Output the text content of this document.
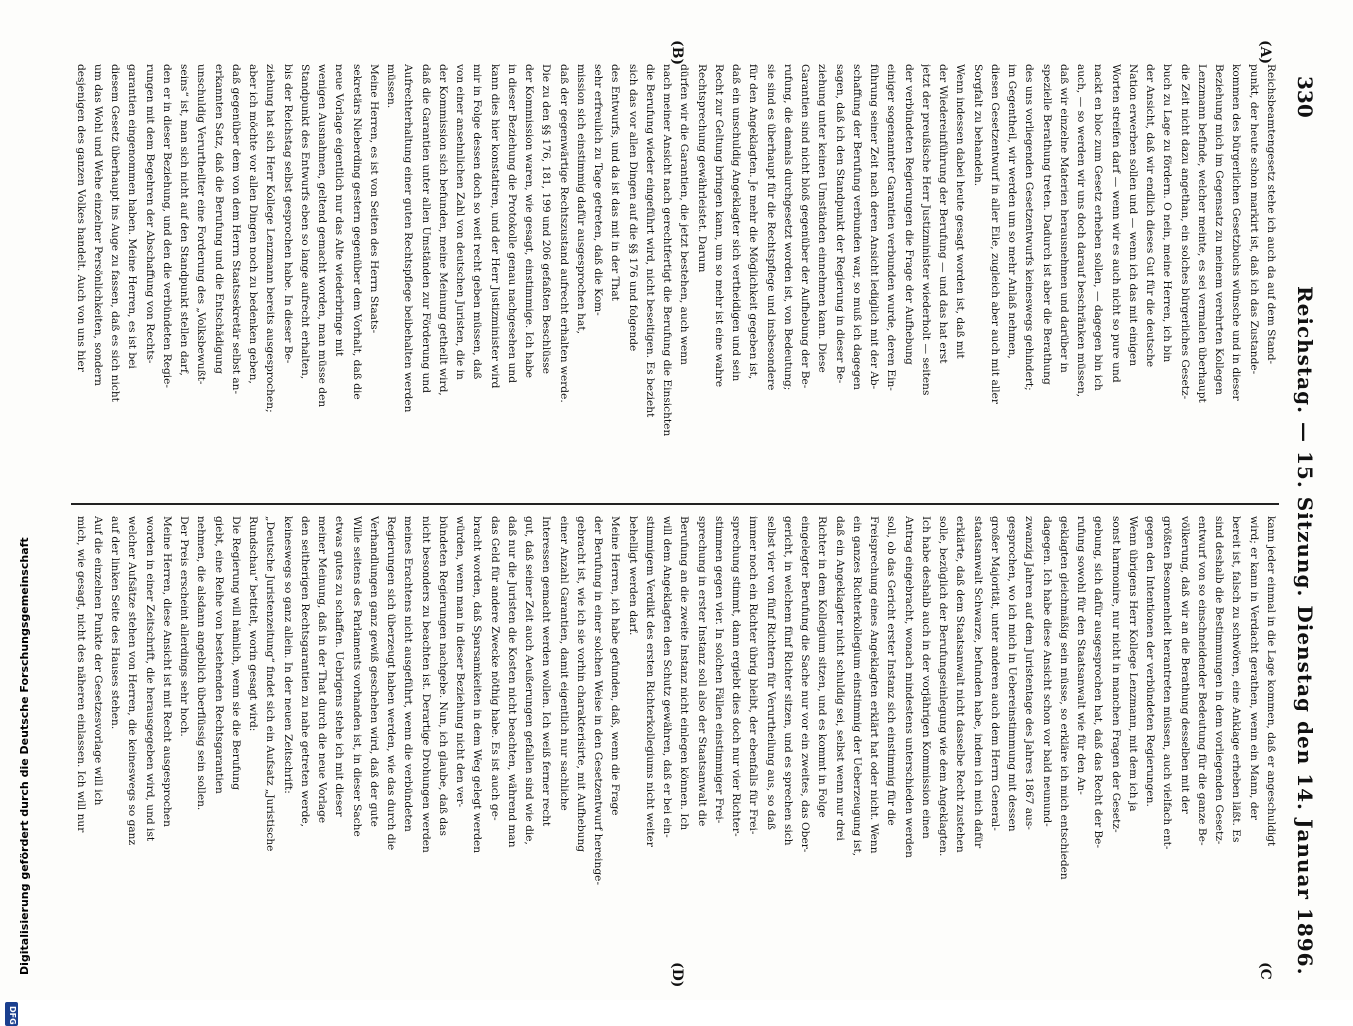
330
Reichstag. — 15. Sitzung. Dienstag den 14. Januar 1896.
(A)
(B)
(C
(D)
Reichsbeamtengesetz stehe ich auch da auf dem Stand-
punkt, der heute schon markirt ist, daß ich das Zustande-
kommen des bürgerlichen Gesetzbuchs wünsche und in dieser
Beziehung mich im Gegensatz zu meinem verehrten Kollegen
Lenzmann befinde, welcher meinte, es sei vermalen überhaupt
die Zeit nicht dazu angethan, ein solches bürgerliches Gesetz-
buch zu Lage zu fördern. O nein, meine Herren, ich bin
der Ansicht, daß wir endlich dieses Gut für die deutsche
Nation erwerben sollen und — wenn ich das mit einigen
Worten streifen darf — wenn wir es auch nicht so pure und
nackt en bloc zum Gesetz erheben sollen, — dagegen bin ich
auch, — so werden wir uns doch darauf beschränken müssen,
daß wir einzelne Materien herausnehmen und darüber in
spezielle Berathung treten. Dadurch ist aber die Berathung
des uns vorliegenden Gesetzentwurfs keineswegs gehindert;
im Gegentheil, wir werden um so mehr Anlaß nehmen,
diesen Gesetzentwurf in aller Eile, zugleich aber auch mit aller
Sorgfalt zu behandeln.
Wenn indessen dabei heute gesagt worden ist, daß mit
der Wiedereinführung der Berufung — und das hat erst
jetzt der preußische Herr Justizminister wiederholt — seitens
der verbündeten Regierungen die Frage der Aufhebung
einiger sogenannter Garantien verbunden wurde, deren Ein-
führung seiner Zeit nach deren Ansicht lediglich mit der Ab-
schaffung der Berufung verbunden war, so muß ich dagegen
sagen, daß ich den Standpunkt der Regierung in dieser Be-
ziehung unter keinen Umständen einnehmen kann. Diese
Garantien sind nicht bloß gegenüber der Aufhebung der Be-
rufung, die damals durchgesetzt worden ist, von Bedeutung;
sie sind es überhaupt für die Rechtspflege und insbesondere
für den Angeklagten. Je mehr die Möglichkeit gegeben ist,
daß ein unschuldig Angeklagter sich vertheidigen und sein
Recht zur Geltung bringen kann, um so mehr ist eine wahre
Rechtsprechung gewährleistet. Darum
dürfen wir die Garantien, die jetzt bestehen, auch wenn
nach meiner Ansicht nach gerechtfertigt die Berufung die Einsichten
die Berufung wieder eingeführt wird, nicht beseitigen. Es bezieht
sich das vor allen Dingen auf die §§ 176 und folgende
des Entwurfs, und da ist das mit in der That
sehr erfreulich zu Tage getreten, daß die Kom-
mission sich einstimmig dafür ausgesprochen hat,
daß der gegenwärtige Rechtszustand aufrecht erhalten werde.
Die zu den §§ 176, 181, 199 und 206 gefaßten Beschlüsse
der Kommission waren, wie gesagt, einstimmige. Ich habe
in dieser Beziehung die Protokolle genau nachgesehen und
kann dies hier konstatiren, und der Herr Justizminister wird
mir in Folge dessen doch so weit recht geben müssen, daß
von einer ansehnlichen Zahl von deutschen Juristen, die in
der Kommission sich befunden, meine Meinung getheilt wird,
daß die Garantien unter allen Umständen zur Förderung und
Aufrechterhaltung einer guten Rechtspflege beibehalten werden
müssen.
Meine Herren, es ist von Seiten des Herrn Staats-
sekretärs Nieberding gestern gegenüber dem Vorhalt, daß die
neue Vorlage eigentlich nur das Alte wiederbringe mit
wenigen Ausnahmen, geltend gemacht worden, man müsse den
Standpunkt des Entwurfs eben so lange aufrecht erhalten,
bis der Reichstag selbst gesprochen habe. In dieser Be-
ziehung hat sich Herr Kollege Lenzmann bereits ausgesprochen;
aber ich möchte vor allen Dingen noch zu bedenken geben,
daß gegenüber dem von dem Herrn Staatssekretär selbst an-
erkannten Satz, daß die Berufung und die Entschädigung
unschuldig Verurtheilter eine Forderung des „Volksbewußt-
seins“ ist, man sich nicht auf den Standpunkt stellen darf,
den er in dieser Beziehung, und den die verbündeten Regie-
rungen mit dem Begehren der Abschaffung von Rechts-
garantien eingenommen haben. Meine Herren, es ist bei
diesem Gesetz überhaupt ins Auge zu fassen, daß es sich nicht
um das Wohl und Wehe einzelner Persönlichkeiten, sondern
desjenigen des ganzen Volkes handelt. Auch von uns hier
kann jeder einmal in die Lage kommen, daß er angeschuldigt
wird; er kann in Verdacht gerathen, wenn ein Mann, der
bereit ist, falsch zu schwören, eine Anklage erheben läßt. Es
sind deshalb die Bestimmungen in dem vorliegenden Gesetz-
entwurf von so einschneidender Bedeutung für die ganze Be-
völkerung, daß wir an die Berathung desselben mit der
größten Besonnenheit herantreten müssen, auch vielfach ent-
gegen den Intentionen der verbündeten Regierungen.
Wenn übrigens Herr Kollege Lenzmann, mit dem ich ja
sonst harmonire, nur nicht in manchen Fragen der Gesetz-
gebung, sich dafür ausgesprochen hat, daß das Recht der Be-
rufung sowohl für den Staatsanwalt wie für den An-
geklagten gleichmäßig sein müsse, so erkläre ich mich entschieden
dagegen. Ich habe diese Ansicht schon vor bald neunund-
zwanzig Jahren auf dem Juristentage des Jahres 1867 aus-
gesprochen, wo ich mich in Uebereinstimmung mit dessen
großer Majorität, unter anderen auch dem Herrn General-
staatsanwalt Schwarze, befunden habe, indem ich mich dafür
erklärte, daß dem Staatsanwalt nicht dasselbe Recht zustehen
solle, bezüglich der Berufungseinlegung wie dem Angeklagten.
Ich habe deshalb auch in der vorjährigen Kommission einen
Antrag eingebracht, wonach mindestens unterschieden werden
soll, ob das Gericht erster Instanz sich einstimmig für die
Freisprechung eines Angeklagten erklärt hat oder nicht. Wenn
ein ganzes Richterkollegium einstimmig der Ueberzeugung ist,
daß ein Angeklagter nicht schuldig sei, selbst wenn nur drei
Richter in dem Kollegium sitzen, und es kommt in Folge
eingelegter Berufung die Sache nur vor ein zweites, das Ober-
gericht, in welchem fünf Richter sitzen, und es sprechen sich
selbst vier von fünf Richtern für Verurtheilung aus, so daß
immer noch ein Richter übrig bleibt, der ebenfalls für Frei-
sprechung stimmt, dann ergiebt dies doch nur vier Richter-
stimmen gegen vier. In solchen Fällen einstimmiger Frei-
sprechung in erster Instanz soll also der Staatsanwalt die
Berufung an die zweite Instanz nicht einlegen können. Ich
will dem Angeklagten den Schutz gewähren, daß er bei ein-
stimmigem Verdikt des ersten Richterkollegiums nicht weiter
behelligt werden darf.
Meine Herren, ich habe gefunden, daß, wenn die Frage
der Berufung in einer solchen Weise in den Gesetzentwurf hereinge-
gebracht ist, wie ich sie vorhin charakterisirte, mit Aufhebung
einer Anzahl Garantien, damit eigentlich nur sachliche
Interessen gemacht werden wollen. Ich weiß ferner recht
gut, daß seiner Zeit auch Aeußerungen gefallen sind wie die,
daß nur die Juristen die Kosten nicht beachten, während man
das Geld für andere Zwecke nöthig habe. Es ist auch ge-
bracht worden, daß Sparsamkeiten in dem Weg gelegt werden
würden, wenn man in dieser Beziehung nicht den ver-
bündeten Regierungen nachgebe. Nun, ich glaube, daß das
nicht besonders zu beachten ist. Derartige Drohungen werden
meines Erachtens nicht ausgeführt, wenn die verbündeten
Regierungen sich überzeugt haben werden, wie das durch die
Verhandlungen ganz gewiß geschehen wird, daß der gute
Wille seitens des Parlaments vorhanden ist, in dieser Sache
etwas gutes zu schaffen. Uebrigens stehe ich mit dieser
meiner Meinung, daß in der That durch die neue Vorlage
den seitherigen Rechtsgarantien zu nahe getreten werde,
keineswegs so ganz allein. In der neuen Zeitschrift:
„Deutsche Juristenzeitung“ findet sich ein Aufsatz „Juristische
Rundschau“ betitelt, worin gesagt wird:
Die Regierung will nämlich, wenn sie die Berufung
giebt, eine Reihe von bestehenden Rechtsgarantien
nehmen, die alsdann angeblich überflüssig sein sollen.
Der Preis erscheint allerdings sehr hoch.
Meine Herren, diese Ansicht ist mit Recht ausgesprochen
worden in einer Zeitschrift, die herausgegeben wird, und ist
welcher Aufsätze stehen von Herren, die keineswegs so ganz
auf der linken Seite des Hauses stehen.
Auf die einzelnen Punkte der Gesetzesvorlage will ich
mich, wie gesagt, nicht des näheren einlassen. Ich will nur
Digitalisierung gefördert durch die Deutsche Forschungsgemeinschaft
DFG
